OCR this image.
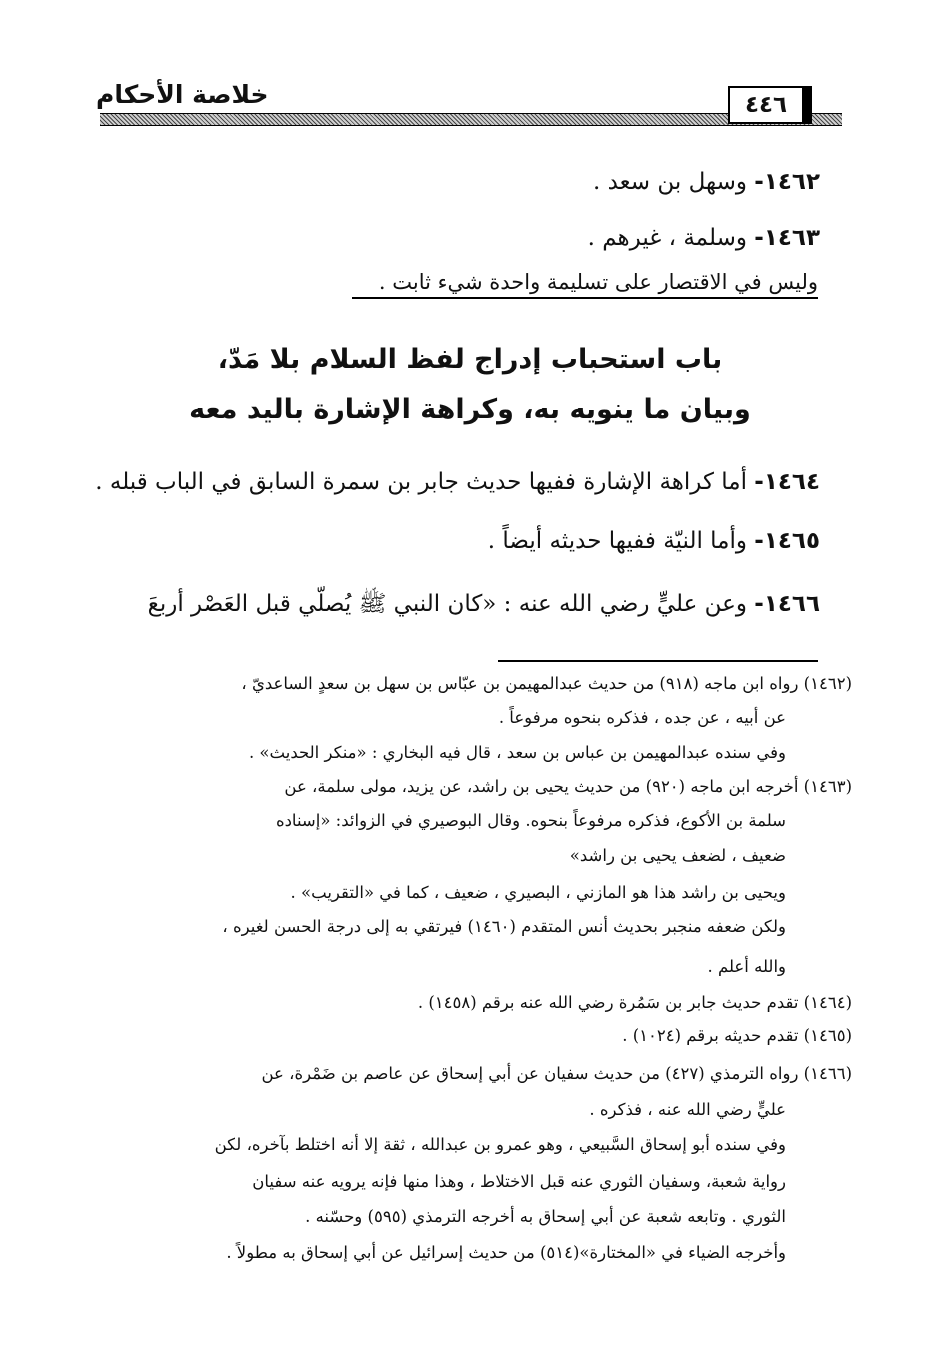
خلاصة الأحكام	٤٤٦
١٤٦٢- وسهل بن سعد .
١٤٦٣- وسلمة ، غيرهم .
وليس في الاقتصار على تسليمة واحدة شيء ثابت .
باب استحباب إدراج لفظ السلام بلا مَدّ،
وبيان ما ينويه به، وكراهة الإشارة باليد معه
١٤٦٤- أما كراهة الإشارة ففيها حديث جابر بن سمرة السابق في الباب قبله .
١٤٦٥- وأما النيّة ففيها حديثه أيضاً .
١٤٦٦- وعن عليٍّ رضي الله عنه : «كان النبي ﷺ يُصلّي قبل العَصْر أربعَ
(١٤٦٢) رواه ابن ماجه (٩١٨) من حديث عبدالمهيمن بن عبّاس بن سهل بن سعدٍ الساعديّ ،
عن أبيه ، عن جده ، فذكره بنحوه مرفوعاً .
وفي سنده عبدالمهيمن بن عباس بن سعد ، قال فيه البخاري : «منكر الحديث» .
(١٤٦٣) أخرجه ابن ماجه (٩٢٠) من حديث يحيى بن راشد، عن يزيد، مولى سلمة، عن
سلمة بن الأكوع، فذكره مرفوعاً بنحوه. وقال البوصيري في الزوائد: «إسناده
ضعيف ، لضعف يحيى بن راشد»
ويحيى بن راشد هذا هو المازني ، البصيري ، ضعيف ، كما في «التقريب» .
ولكن ضعفه منجبر بحديث أنس المتقدم (١٤٦٠) فيرتقي به إلى درجة الحسن لغيره ،
والله أعلم .
(١٤٦٤) تقدم حديث جابر بن سَمُرة رضي الله عنه برقم (١٤٥٨) .
(١٤٦٥) تقدم حديثه برقم (١٠٢٤) .
(١٤٦٦) رواه الترمذي (٤٢٧) من حديث سفيان عن أبي إسحاق عن عاصم بن ضَمْرة، عن
عليٍّ رضي الله عنه ، فذكره .
وفي سنده أبو إسحاق السَّبيعي ، وهو عمرو بن عبدالله ، ثقة إلا أنه اختلط بآخره، لكن
رواية شعبة، وسفيان الثوري عنه قبل الاختلاط ، وهذا منها فإنه يرويه عنه سفيان
الثوري . وتابعه شعبة عن أبي إسحاق به أخرجه الترمذي (٥٩٥) وحسّنه .
وأخرجه الضياء في «المختارة»(٥١٤) من حديث إسرائيل عن أبي إسحاق به مطولاً .
